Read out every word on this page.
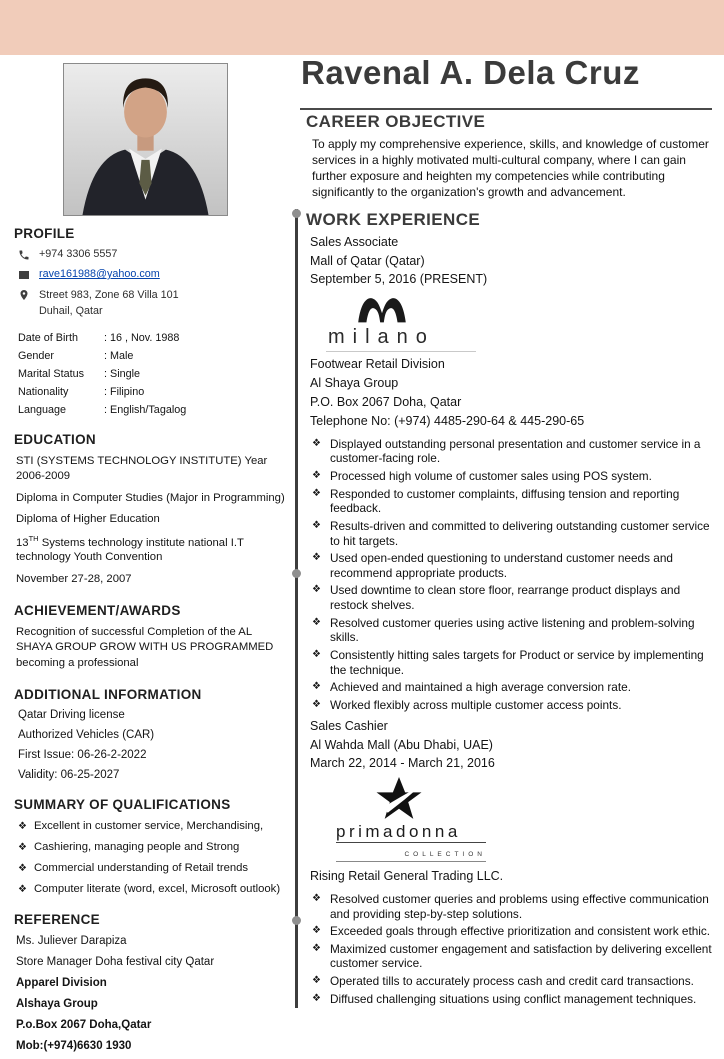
Ravenal A. Dela Cruz
PROFILE
+974 3306 5557
rave161988@yahoo.com
Street 983, Zone 68 Villa 101
Duhail, Qatar
Date of Birth	: 16 , Nov. 1988
Gender	: Male
Marital Status	: Single
Nationality	: Filipino
Language	: English/Tagalog
EDUCATION
STI (SYSTEMS TECHNOLOGY INSTITUTE) Year 2006-2009
Diploma in Computer Studies (Major in Programming)
Diploma of Higher Education
13TH Systems technology institute national I.T technology Youth Convention
November 27-28, 2007
ACHIEVEMENT/AWARDS
Recognition of successful Completion of the AL SHAYA GROUP GROW WITH US PROGRAMMED becoming a professional
ADDITIONAL INFORMATION
Qatar Driving license
Authorized Vehicles (CAR)
First Issue: 06-26-2-2022
Validity: 06-25-2027
SUMMARY OF QUALIFICATIONS
❖ Excellent in customer service, Merchandising,
❖ Cashiering, managing people and Strong
❖ Commercial understanding of Retail trends
❖ Computer literate (word, excel, Microsoft outlook)
REFERENCE
Ms. Juliever Darapiza
Store Manager Doha festival city Qatar
Apparel Division
Alshaya Group
P.o.Box 2067 Doha,Qatar
Mob:(+974)6630 1930
CAREER OBJECTIVE

To apply my comprehensive experience, skills, and knowledge of customer services in a highly motivated multi-cultural company, where I can gain further exposure and heighten my competencies while contributing significantly to the organization's growth and advancement.

WORK EXPERIENCE
Sales Associate
Mall of Qatar (Qatar)
September 5, 2016 (PRESENT)
milano
Footwear Retail Division
Al Shaya Group
P.O. Box 2067 Doha, Qatar
Telephone No: (+974) 4485-290-64 & 445-290-65
❖ Displayed outstanding personal presentation and customer service in a customer-facing role.
❖ Processed high volume of customer sales using POS system.
❖ Responded to customer complaints, diffusing tension and reporting feedback.
❖ Results-driven and committed to delivering outstanding customer service to hit targets.
❖ Used open-ended questioning to understand customer needs and recommend appropriate products.
❖ Used downtime to clean store floor, rearrange product displays and restock shelves.
❖ Resolved customer queries using active listening and problem-solving skills.
❖ Consistently hitting sales targets for Product or service by implementing the technique.
❖ Achieved and maintained a high average conversion rate.
❖ Worked flexibly across multiple customer access points.
Sales Cashier
Al Wahda Mall (Abu Dhabi, UAE)
March 22, 2014 - March 21, 2016
primadonna
COLLECTION
Rising Retail General Trading LLC.
❖ Resolved customer queries and problems using effective communication and providing step-by-step solutions.
❖ Exceeded goals through effective prioritization and consistent work ethic.
❖ Maximized customer engagement and satisfaction by delivering excellent customer service.
❖ Operated tills to accurately process cash and credit card transactions.
❖ Diffused challenging situations using conflict management techniques.
